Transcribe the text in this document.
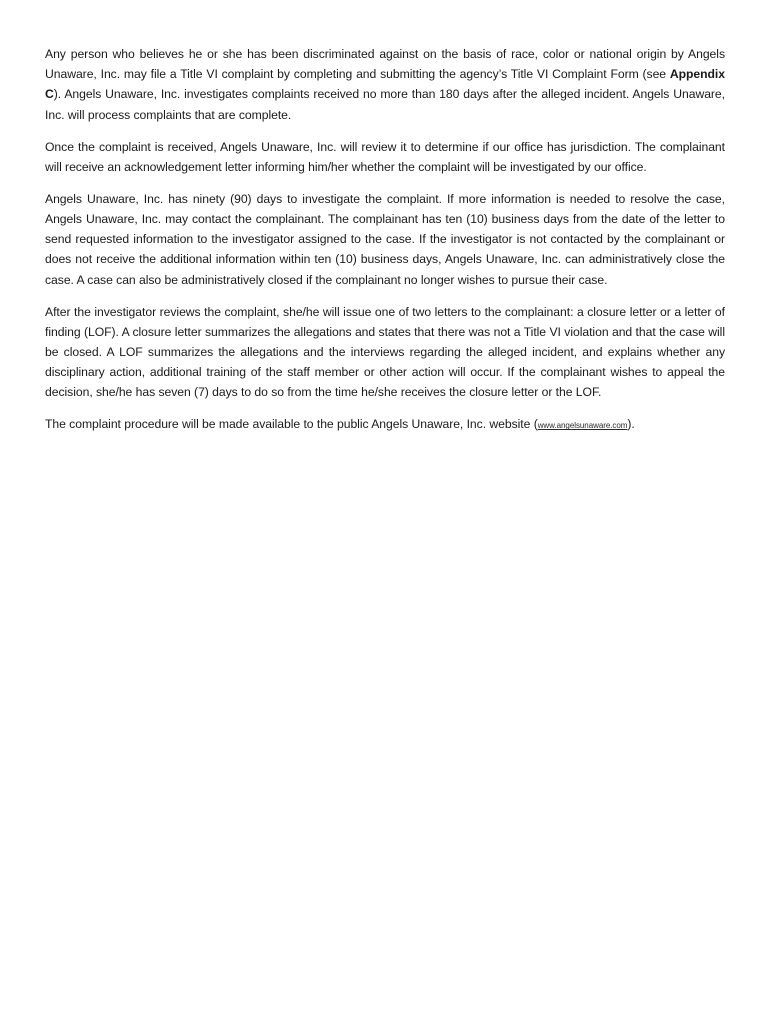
Any person who believes he or she has been discriminated against on the basis of race, color or national origin by Angels Unaware, Inc. may file a Title VI complaint by completing and submitting the agency’s Title VI Complaint Form (see Appendix C). Angels Unaware, Inc. investigates complaints received no more than 180 days after the alleged incident. Angels Unaware, Inc. will process complaints that are complete.

Once the complaint is received, Angels Unaware, Inc. will review it to determine if our office has jurisdiction. The complainant will receive an acknowledgement letter informing him/her whether the complaint will be investigated by our office.

Angels Unaware, Inc. has ninety (90) days to investigate the complaint. If more information is needed to resolve the case, Angels Unaware, Inc. may contact the complainant. The complainant has ten (10) business days from the date of the letter to send requested information to the investigator assigned to the case. If the investigator is not contacted by the complainant or does not receive the additional information within ten (10) business days, Angels Unaware, Inc. can administratively close the case. A case can also be administratively closed if the complainant no longer wishes to pursue their case.

After the investigator reviews the complaint, she/he will issue one of two letters to the complainant: a closure letter or a letter of finding (LOF). A closure letter summarizes the allegations and states that there was not a Title VI violation and that the case will be closed. A LOF summarizes the allegations and the interviews regarding the alleged incident, and explains whether any disciplinary action, additional training of the staff member or other action will occur. If the complainant wishes to appeal the decision, she/he has seven (7) days to do so from the time he/she receives the closure letter or the LOF.

The complaint procedure will be made available to the public Angels Unaware, Inc. website (www.angelsunaware.com).
